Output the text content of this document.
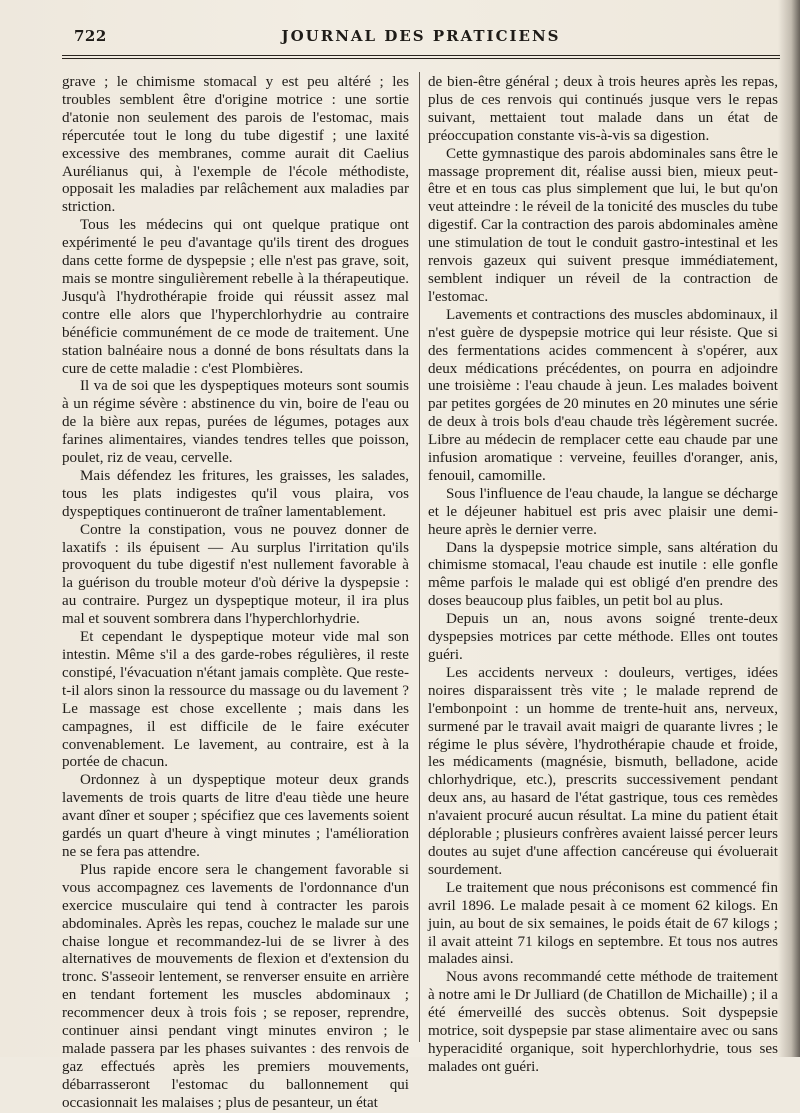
722	JOURNAL DES PRATICIENS

grave ; le chimisme stomacal y est peu altéré ; les troubles semblent être d'origine motrice : une sortie d'atonie non seulement des parois de l'estomac, mais répercutée tout le long du tube digestif ; une laxité excessive des membranes, comme aurait dit Caelius Aurélianus qui, à l'exemple de l'école méthodiste, opposait les maladies par relâchement aux maladies par striction.

Tous les médecins qui ont quelque pratique ont expérimenté le peu d'avantage qu'ils tirent des drogues dans cette forme de dyspepsie ; elle n'est pas grave, soit, mais se montre singulièrement rebelle à la thérapeutique. Jusqu'à l'hydrothérapie froide qui réussit assez mal contre elle alors que l'hyperchlorhydrie au contraire bénéficie communément de ce mode de traitement. Une station balnéaire nous a donné de bons résultats dans la cure de cette maladie : c'est Plombières.

Il va de soi que les dyspeptiques moteurs sont soumis à un régime sévère : abstinence du vin, boire de l'eau ou de la bière aux repas, purées de légumes, potages aux farines alimentaires, viandes tendres telles que poisson, poulet, riz de veau, cervelle.

Mais défendez les fritures, les graisses, les salades, tous les plats indigestes qu'il vous plaira, vos dyspeptiques continueront de traîner lamentablement.

Contre la constipation, vous ne pouvez donner de laxatifs : ils épuisent — Au surplus l'irritation qu'ils provoquent du tube digestif n'est nullement favorable à la guérison du trouble moteur d'où dérive la dyspepsie : au contraire. Purgez un dyspeptique moteur, il ira plus mal et souvent sombrera dans l'hyperchlorhydrie.

Et cependant le dyspeptique moteur vide mal son intestin. Même s'il a des garde-robes régulières, il reste constipé, l'évacuation n'étant jamais complète. Que reste-t-il alors sinon la ressource du massage ou du lavement ? Le massage est chose excellente ; mais dans les campagnes, il est difficile de le faire exécuter convenablement. Le lavement, au contraire, est à la portée de chacun.

Ordonnez à un dyspeptique moteur deux grands lavements de trois quarts de litre d'eau tiède une heure avant dîner et souper ; spécifiez que ces lavements soient gardés un quart d'heure à vingt minutes ; l'amélioration ne se fera pas attendre.

Plus rapide encore sera le changement favorable si vous accompagnez ces lavements de l'ordonnance d'un exercice musculaire qui tend à contracter les parois abdominales. Après les repas, couchez le malade sur une chaise longue et recommandez-lui de se livrer à des alternatives de mouvements de flexion et d'extension du tronc. S'asseoir lentement, se renverser ensuite en arrière en tendant fortement les muscles abdominaux ; recommencer deux à trois fois ; se reposer, reprendre, continuer ainsi pendant vingt minutes environ ; le malade passera par les phases suivantes : des renvois de gaz effectués après les premiers mouvements, débarrasseront l'estomac du ballonnement qui occasionnait les malaises ; plus de pesanteur, un état

de bien-être général ; deux à trois heures après les repas, plus de ces renvois qui continués jusque vers le repas suivant, mettaient tout malade dans un état de préoccupation constante vis-à-vis sa digestion.

Cette gymnastique des parois abdominales sans être le massage proprement dit, réalise aussi bien, mieux peut-être et en tous cas plus simplement que lui, le but qu'on veut atteindre : le réveil de la tonicité des muscles du tube digestif. Car la contraction des parois abdominales amène une stimulation de tout le conduit gastro-intestinal et les renvois gazeux qui suivent presque immédiatement, semblent indiquer un réveil de la contraction de l'estomac.

Lavements et contractions des muscles abdominaux, il n'est guère de dyspepsie motrice qui leur résiste. Que si des fermentations acides commencent à s'opérer, aux deux médications précédentes, on pourra en adjoindre une troisième : l'eau chaude à jeun. Les malades boivent par petites gorgées de 20 minutes en 20 minutes une série de deux à trois bols d'eau chaude très légèrement sucrée. Libre au médecin de remplacer cette eau chaude par une infusion aromatique : verveine, feuilles d'oranger, anis, fenouil, camomille.

Sous l'influence de l'eau chaude, la langue se décharge et le déjeuner habituel est pris avec plaisir une demi-heure après le dernier verre.

Dans la dyspepsie motrice simple, sans altération du chimisme stomacal, l'eau chaude est inutile : elle gonfle même parfois le malade qui est obligé d'en prendre des doses beaucoup plus faibles, un petit bol au plus.

Depuis un an, nous avons soigné trente-deux dyspepsies motrices par cette méthode. Elles ont toutes guéri.

Les accidents nerveux : douleurs, vertiges, idées noires disparaissent très vite ; le malade reprend de l'embonpoint : un homme de trente-huit ans, nerveux, surmené par le travail avait maigri de quarante livres ; le régime le plus sévère, l'hydrothérapie chaude et froide, les médicaments (magnésie, bismuth, belladone, acide chlorhydrique, etc.), prescrits successivement pendant deux ans, au hasard de l'état gastrique, tous ces remèdes n'avaient procuré aucun résultat. La mine du patient était déplorable ; plusieurs confrères avaient laissé percer leurs doutes au sujet d'une affection cancéreuse qui évoluerait sourdement.

Le traitement que nous préconisons est commencé fin avril 1896. Le malade pesait à ce moment 62 kilogs. En juin, au bout de six semaines, le poids était de 67 kilogs ; il avait atteint 71 kilogs en septembre. Et tous nos autres malades ainsi.

Nous avons recommandé cette méthode de traitement à notre ami le Dr Julliard (de Chatillon de Michaille) ; il a été émerveillé des succès obtenus. Soit dyspepsie motrice, soit dyspepsie par stase alimentaire avec ou sans hyperacidité organique, soit hyperchlorhydrie, tous ses malades ont guéri.
